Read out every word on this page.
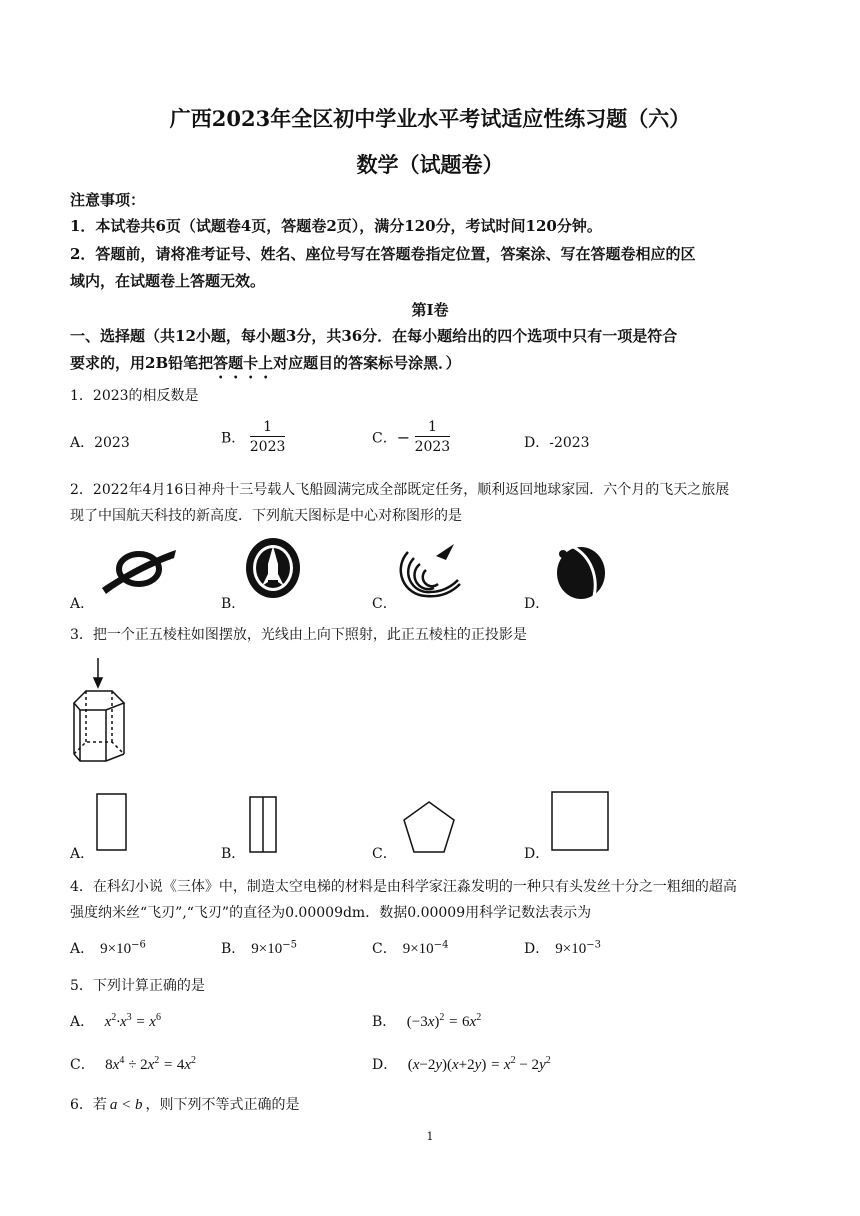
广西2023年全区初中学业水平考试适应性练习题（六）
数学（试题卷）
注意事项：
1．本试卷共6页（试题卷4页，答题卷2页），满分120分，考试时间120分钟。
2．答题前，请将准考证号、姓名、座位号写在答题卷指定位置，答案涂、写在答题卷相应的区
域内，在试题卷上答题无效。
第Ⅰ卷
一、选择题（共12小题，每小题3分，共36分．在每小题给出的四个选项中只有一项是符合
要求的，用2B铅笔把答题卡上对应题目的答案标号涂黑．）
1．2023的相反数是
A．2023	B． $\frac{1}{2023}$	C．− $\frac{1}{2023}$	D．-2023
2．2022年4月16日神舟十三号载人飞船圆满完成全部既定任务，顺利返回地球家园．六个月的飞天之旅展
现了中国航天科技的新高度．下列航天图标是中心对称图形的是
A．	B．	C．	D．
3．把一个正五棱柱如图摆放，光线由上向下照射，此正五棱柱的正投影是
A．	B．	C．	D．
4．在科幻小说《三体》中，制造太空电梯的材料是由科学家汪淼发明的一种只有头发丝十分之一粗细的超高
强度纳米丝“飞刃”,“飞刃”的直径为0.00009dm．数据0.00009用科学记数法表示为
A． $9\times 10^{-6}$	B． $9\times 10^{-5}$	C． $9\times 10^{-4}$	D． $9\times 10^{-3}$
5．下列计算正确的是
A． $x^2\cdot x^3 = x^6$	B． $(-3x)^2 = 6x^2$
C． $8x^4 \div 2x^2 = 4x^2$	D． $(x-2y)(x+2y) = x^2 - 2y^2$
6．若 a < b ，则下列不等式正确的是
1
